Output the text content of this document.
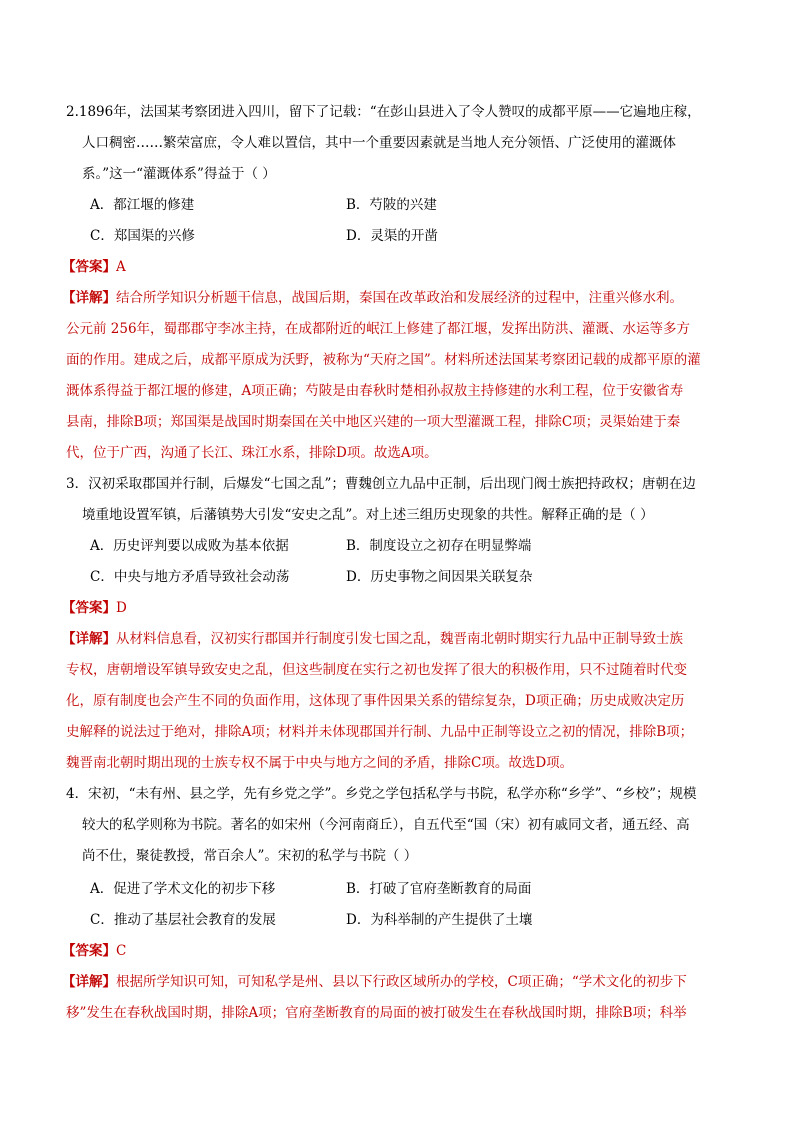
2.1896年，法国某考察团进入四川，留下了记载：“在彭山县进入了令人赞叹的成都平原——它遍地庄稼，
人口稠密……繁荣富庶，令人难以置信，其中一个重要因素就是当地人充分领悟、广泛使用的灌溉体
系。”这一“灌溉体系”得益于（ ）
A．都江堰的修建	B．芍陂的兴建
C．郑国渠的兴修	D．灵渠的开凿
【答案】A
【详解】结合所学知识分析题干信息，战国后期，秦国在改革政治和发展经济的过程中，注重兴修水利。
公元前 256年，蜀郡郡守李冰主持，在成都附近的岷江上修建了都江堰，发挥出防洪、灌溉、水运等多方
面的作用。建成之后，成都平原成为沃野，被称为“天府之国”。材料所述法国某考察团记载的成都平原的灌
溉体系得益于都江堰的修建，A项正确；芍陂是由春秋时楚相孙叔敖主持修建的水利工程，位于安徽省寿
县南，排除B项；郑国渠是战国时期秦国在关中地区兴建的一项大型灌溉工程，排除C项；灵渠始建于秦
代，位于广西，沟通了长江、珠江水系，排除D项。故选A项。
3．汉初采取郡国并行制，后爆发“七国之乱”；曹魏创立九品中正制，后出现门阀士族把持政权；唐朝在边
境重地设置军镇，后藩镇势大引发“安史之乱”。对上述三组历史现象的共性。解释正确的是（ ）
A．历史评判要以成败为基本依据	B．制度设立之初存在明显弊端
C．中央与地方矛盾导致社会动荡	D．历史事物之间因果关联复杂
【答案】D
【详解】从材料信息看，汉初实行郡国并行制度引发七国之乱，魏晋南北朝时期实行九品中正制导致士族
专权，唐朝增设军镇导致安史之乱，但这些制度在实行之初也发挥了很大的积极作用，只不过随着时代变
化，原有制度也会产生不同的负面作用，这体现了事件因果关系的错综复杂，D项正确；历史成败决定历
史解释的说法过于绝对，排除A项；材料并未体现郡国并行制、九品中正制等设立之初的情况，排除B项；
魏晋南北朝时期出现的士族专权不属于中央与地方之间的矛盾，排除C项。故选D项。
4．宋初，“未有州、县之学，先有乡党之学”。乡党之学包括私学与书院，私学亦称“乡学”、“乡校”；规模
较大的私学则称为书院。著名的如宋州（今河南商丘），自五代至“国（宋）初有戚同文者，通五经、高
尚不仕，聚徒教授，常百余人”。宋初的私学与书院（ ）
A．促进了学术文化的初步下移	B．打破了官府垄断教育的局面
C．推动了基层社会教育的发展	D．为科举制的产生提供了土壤
【答案】C
【详解】根据所学知识可知，可知私学是州、县以下行政区域所办的学校，C项正确；“学术文化的初步下
移”发生在春秋战国时期，排除A项；官府垄断教育的局面的被打破发生在春秋战国时期，排除B项；科举
